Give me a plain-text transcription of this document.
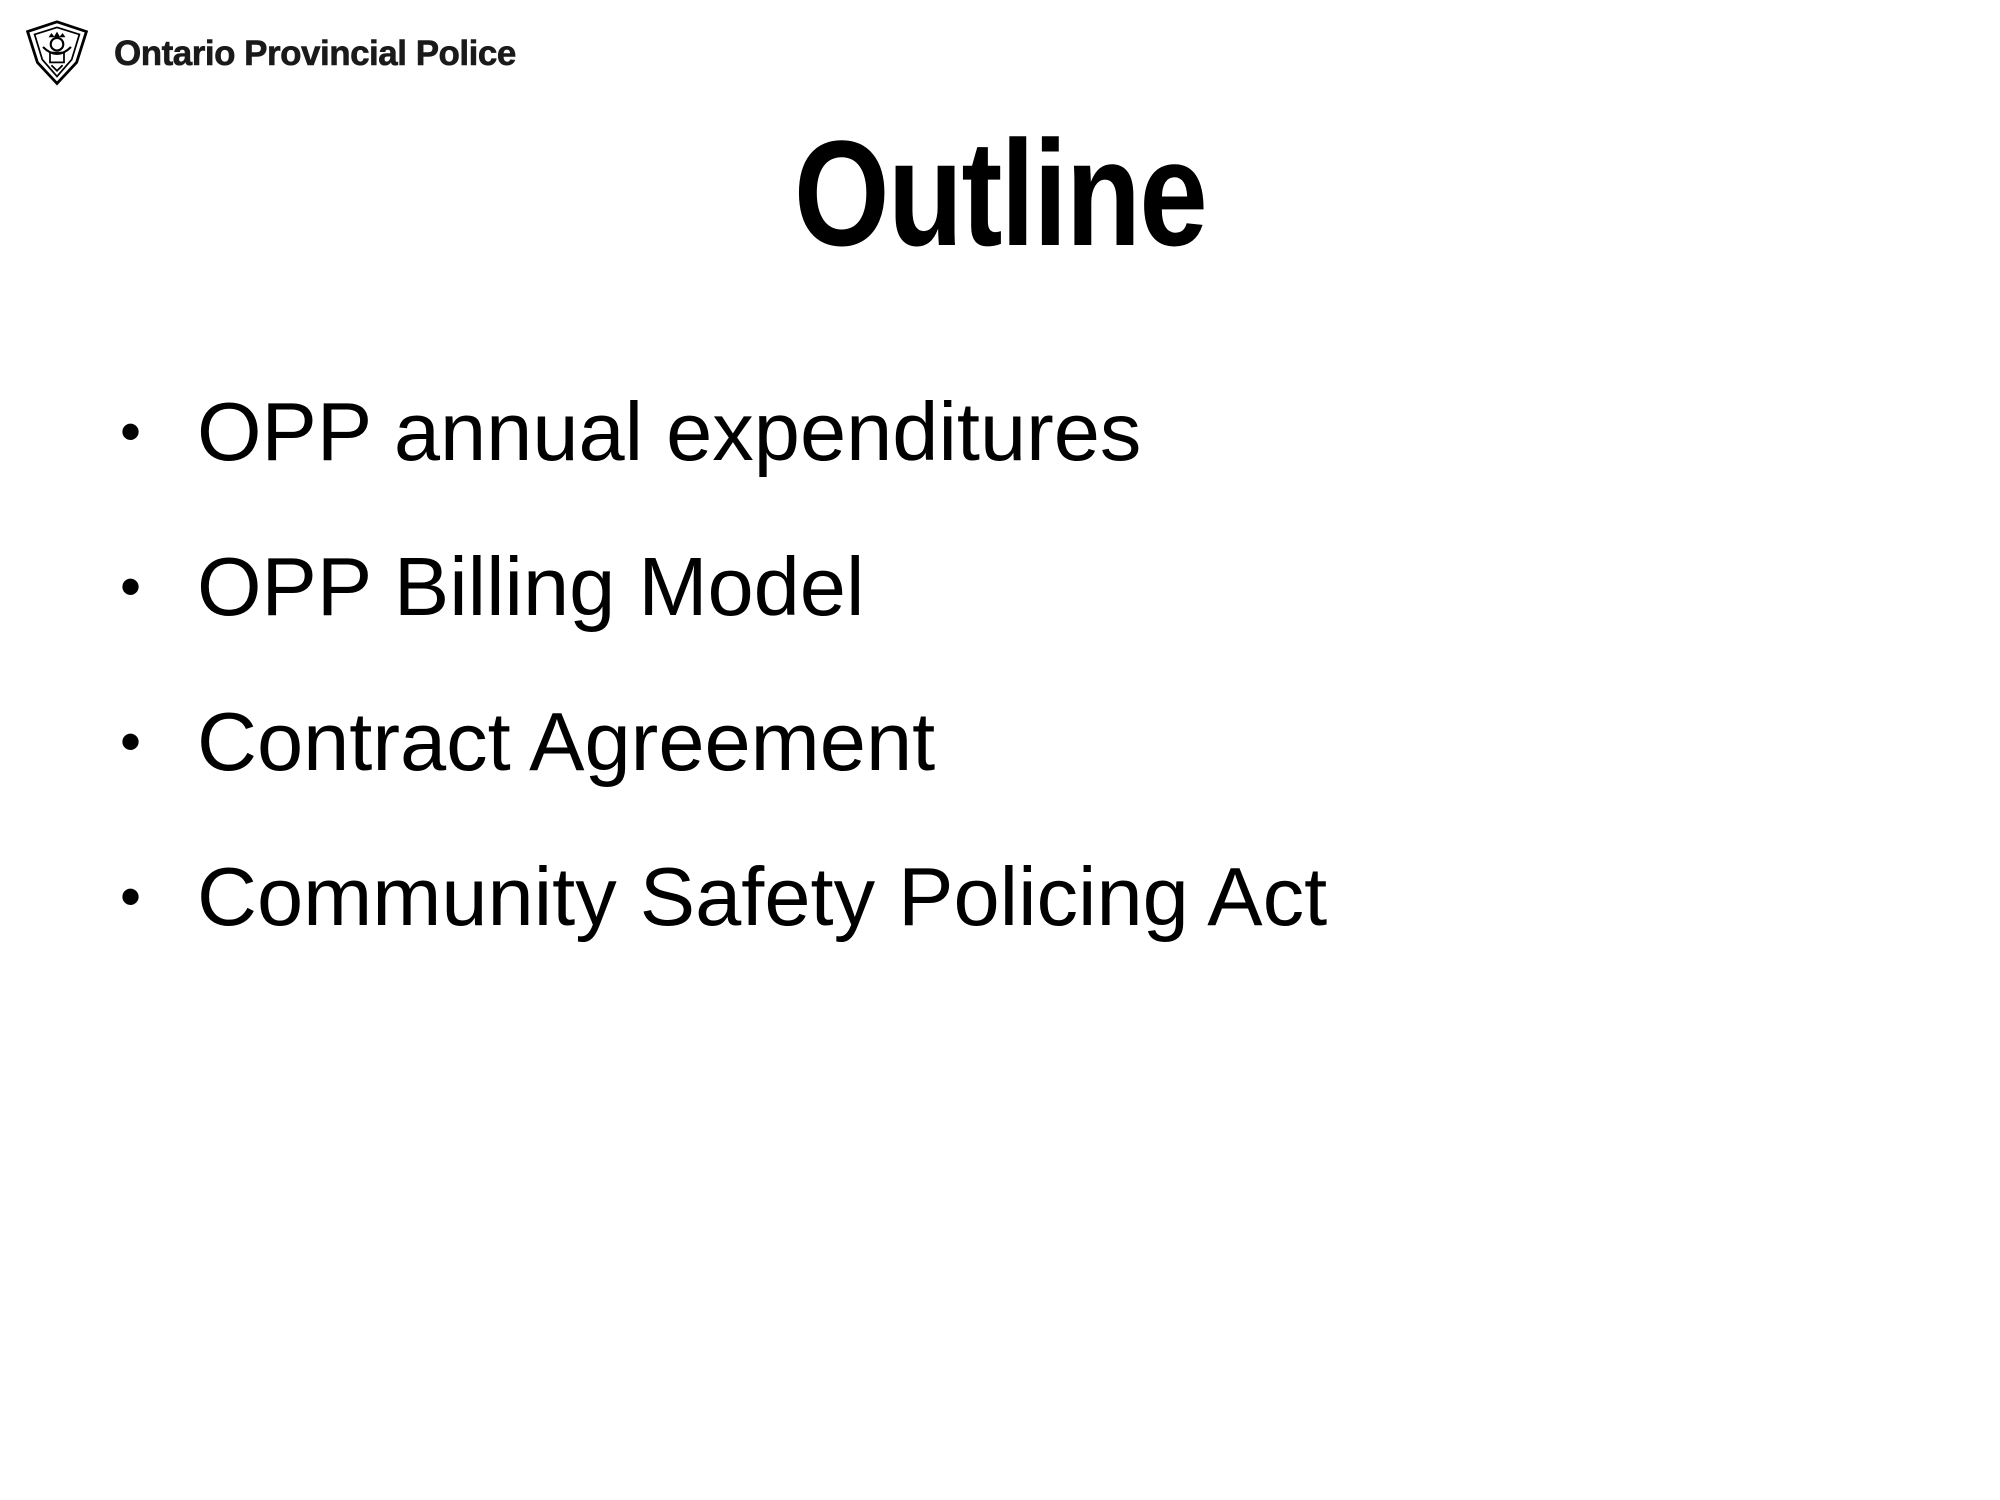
Ontario Provincial Police
Outline
• OPP annual expenditures
• OPP Billing Model
• Contract Agreement
• Community Safety Policing Act
